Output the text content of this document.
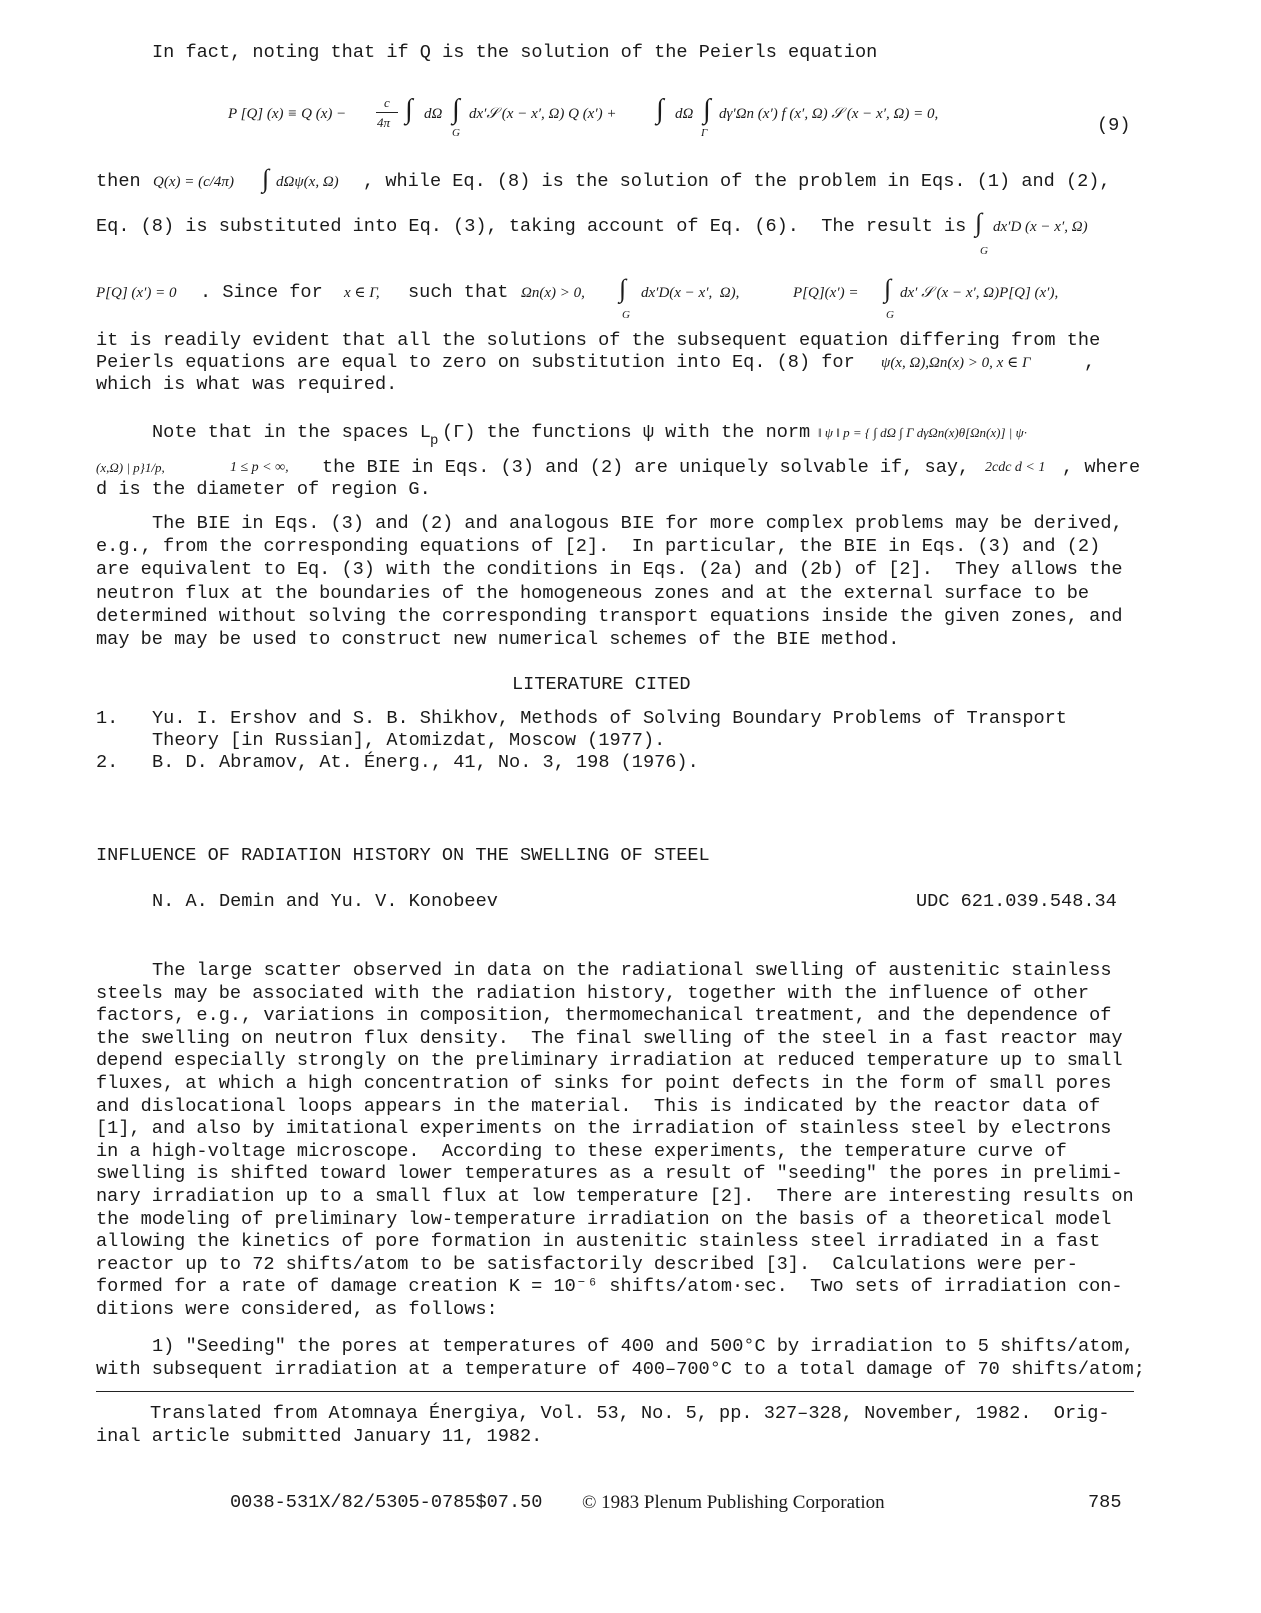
In fact, noting that if Q is the solution of the Peierls equation
P [Q] (x) ≡ Q (x) −
c
4π ∫ dΩ ∫
G
dx′𝒮 (x − x′, Ω) Q (x′) + ∫ dΩ ∫
Γ
dγ′Ωn (x′) f (x′, Ω) 𝒮 (x − x′, Ω) = 0,
(9)
then Q(x) = (c/4π) ∫ dΩψ(x, Ω) , while Eq. (8) is the solution of the problem in Eqs. (1) and (2),
Eq. (8) is substituted into Eq. (3), taking account of Eq. (6).  The result is ∫ dx′D (x − x′, Ω)
G
P[Q] (x′) = 0 . Since for x ∈ Γ, such that Ωn(x) > 0, ∫
G
dx′D(x − x′,  Ω),	P[Q](x′) = ∫
G
dx′ 𝒮 (x − x′, Ω)P[Q] (x′),
it is readily evident that all the solutions of the subsequent equation differing from the
Peierls equations are equal to zero on substitution into Eq. (8) for ψ(x, Ω),Ωn(x) > 0, x ∈ Γ	,
which is what was required.
Note that in the spaces L p (Γ) the functions ψ with the norm ‖ ψ ‖ p = { ∫ dΩ ∫ Γ dγΩn(x)θ[Ωn(x)] | ψ·
(x,Ω) | p}1/p,	1 ≤ p < ∞, the BIE in Eqs. (3) and (2) are uniquely solvable if, say, 2cdc d < 1 , where
d is the diameter of region G.
The BIE in Eqs. (3) and (2) and analogous BIE for more complex problems may be derived,
e.g., from the corresponding equations of [2].  In particular, the BIE in Eqs. (3) and (2)
are equivalent to Eq. (3) with the conditions in Eqs. (2a) and (2b) of [2].  They allows the
neutron flux at the boundaries of the homogeneous zones and at the external surface to be
determined without solving the corresponding transport equations inside the given zones, and
may be may be used to construct new numerical schemes of the BIE method.
LITERATURE CITED
1. Yu. I. Ershov and S. B. Shikhov, Methods of Solving Boundary Problems of Transport
Theory [in Russian], Atomizdat, Moscow (1977).
2. B. D. Abramov, At. Énerg., 41, No. 3, 198 (1976).
INFLUENCE OF RADIATION HISTORY ON THE SWELLING OF STEEL
N. A. Demin and Yu. V. Konobeev	UDC 621.039.548.34
The large scatter observed in data on the radiational swelling of austenitic stainless
steels may be associated with the radiation history, together with the influence of other
factors, e.g., variations in composition, thermomechanical treatment, and the dependence of
the swelling on neutron flux density.  The final swelling of the steel in a fast reactor may
depend especially strongly on the preliminary irradiation at reduced temperature up to small
fluxes, at which a high concentration of sinks for point defects in the form of small pores
and dislocational loops appears in the material.  This is indicated by the reactor data of
[1], and also by imitational experiments on the irradiation of stainless steel by electrons
in a high-voltage microscope.  According to these experiments, the temperature curve of
swelling is shifted toward lower temperatures as a result of "seeding" the pores in prelimi-
nary irradiation up to a small flux at low temperature [2].  There are interesting results on
the modeling of preliminary low-temperature irradiation on the basis of a theoretical model
allowing the kinetics of pore formation in austenitic stainless steel irradiated in a fast
reactor up to 72 shifts/atom to be satisfactorily described [3].  Calculations were per-
formed for a rate of damage creation K = 10⁻⁶ shifts/atom·sec.  Two sets of irradiation con-
ditions were considered, as follows:
1) "Seeding" the pores at temperatures of 400 and 500°C by irradiation to 5 shifts/atom,
with subsequent irradiation at a temperature of 400–700°C to a total damage of 70 shifts/atom;
Translated from Atomnaya Énergiya, Vol. 53, No. 5, pp. 327–328, November, 1982.  Orig-
inal article submitted January 11, 1982.
0038-531X/82/5305-0785$07.50 © 1983 Plenum Publishing Corporation	785
